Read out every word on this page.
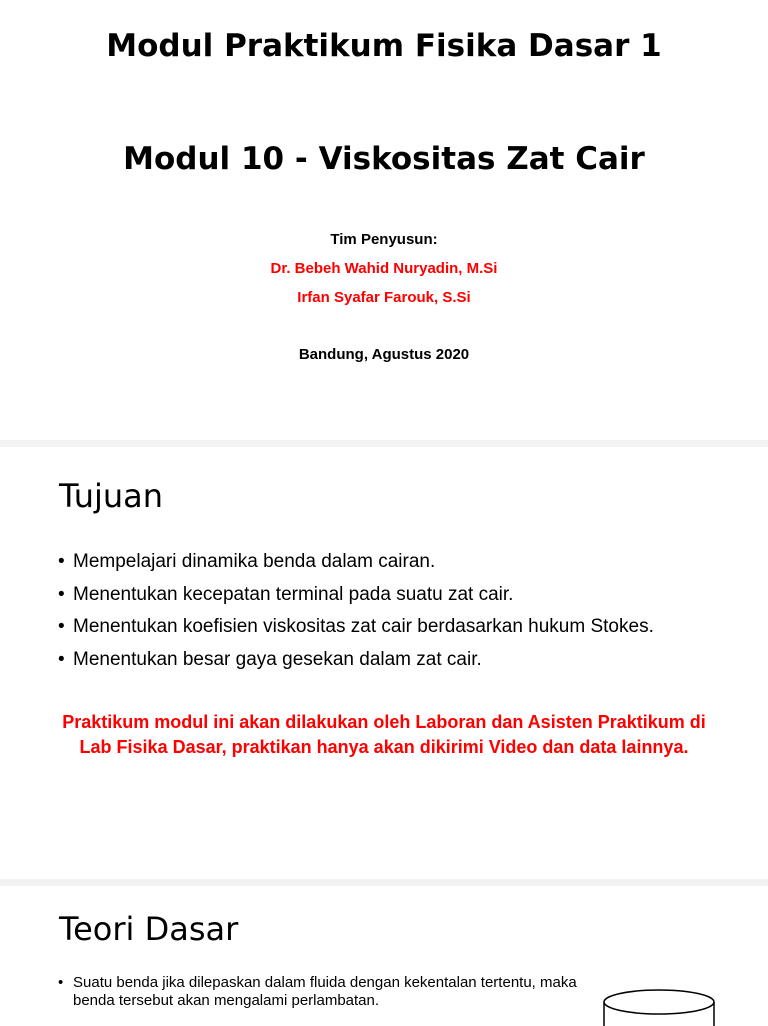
Modul Praktikum Fisika Dasar 1
Modul 10 - Viskositas Zat Cair
Tim Penyusun:
Dr. Bebeh Wahid Nuryadin, M.Si
Irfan Syafar Farouk, S.Si
Bandung, Agustus 2020
Tujuan
• Mempelajari dinamika benda dalam cairan.
• Menentukan kecepatan terminal pada suatu zat cair.
• Menentukan koefisien viskositas zat cair berdasarkan hukum Stokes.
• Menentukan besar gaya gesekan dalam zat cair.
Praktikum modul ini akan dilakukan oleh Laboran dan Asisten Praktikum di Lab Fisika Dasar, praktikan hanya akan dikirimi Video dan data lainnya.
Teori Dasar
• Suatu benda jika dilepaskan dalam fluida dengan kekentalan tertentu, maka benda tersebut akan mengalami perlambatan.
